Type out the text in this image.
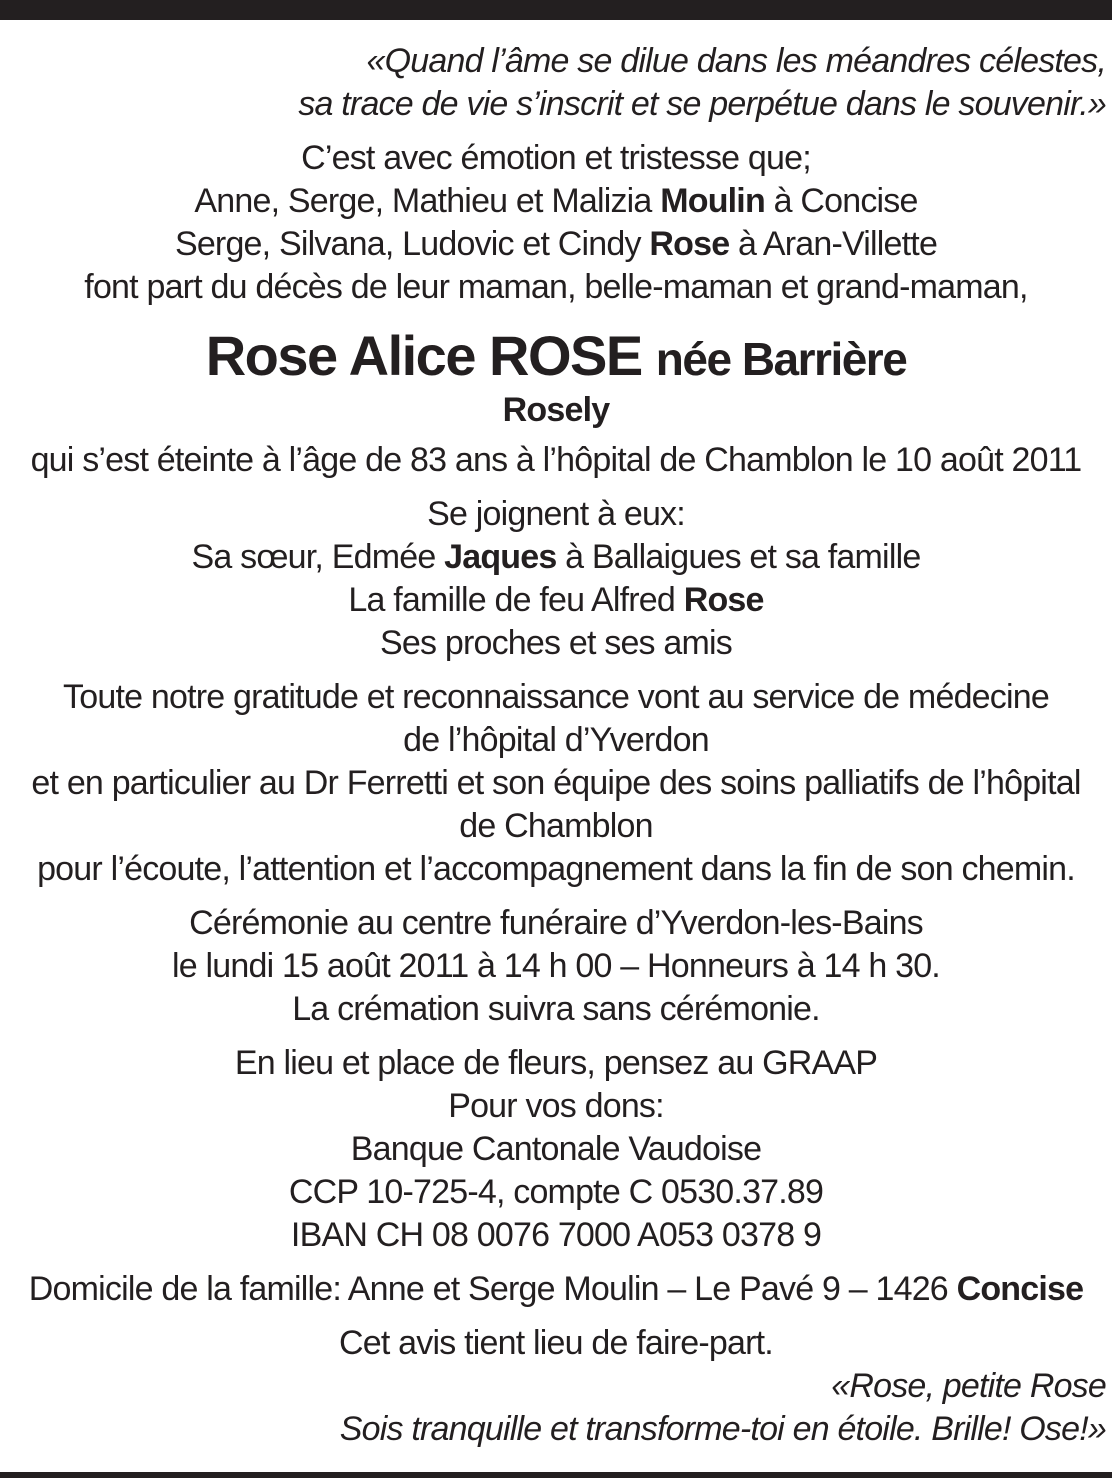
«Quand l’âme se dilue dans les méandres célestes,
sa trace de vie s’inscrit et se perpétue dans le souvenir.»
C’est avec émotion et tristesse que;
Anne, Serge, Mathieu et Malizia Moulin à Concise
Serge, Silvana, Ludovic et Cindy Rose à Aran-Villette
font part du décès de leur maman, belle-maman et grand-maman,
Rose Alice ROSE née Barrière
Rosely
qui s’est éteinte à l’âge de 83 ans à l’hôpital de Chamblon le 10 août 2011
Se joignent à eux:
Sa sœur, Edmée Jaques à Ballaigues et sa famille
La famille de feu Alfred Rose
Ses proches et ses amis
Toute notre gratitude et reconnaissance vont au service de médecine
de l’hôpital d’Yverdon
et en particulier au Dr Ferretti et son équipe des soins palliatifs de l’hôpital
de Chamblon
pour l’écoute, l’attention et l’accompagnement dans la fin de son chemin.
Cérémonie au centre funéraire d’Yverdon-les-Bains
le lundi 15 août 2011 à 14 h 00 – Honneurs à 14 h 30.
La crémation suivra sans cérémonie.
En lieu et place de fleurs, pensez au GRAAP
Pour vos dons:
Banque Cantonale Vaudoise
CCP 10-725-4, compte C 0530.37.89
IBAN CH 08 0076 7000 A053 0378 9
Domicile de la famille: Anne et Serge Moulin – Le Pavé 9 – 1426 Concise
Cet avis tient lieu de faire-part.
«Rose, petite Rose
Sois tranquille et transforme-toi en étoile. Brille! Ose!»
